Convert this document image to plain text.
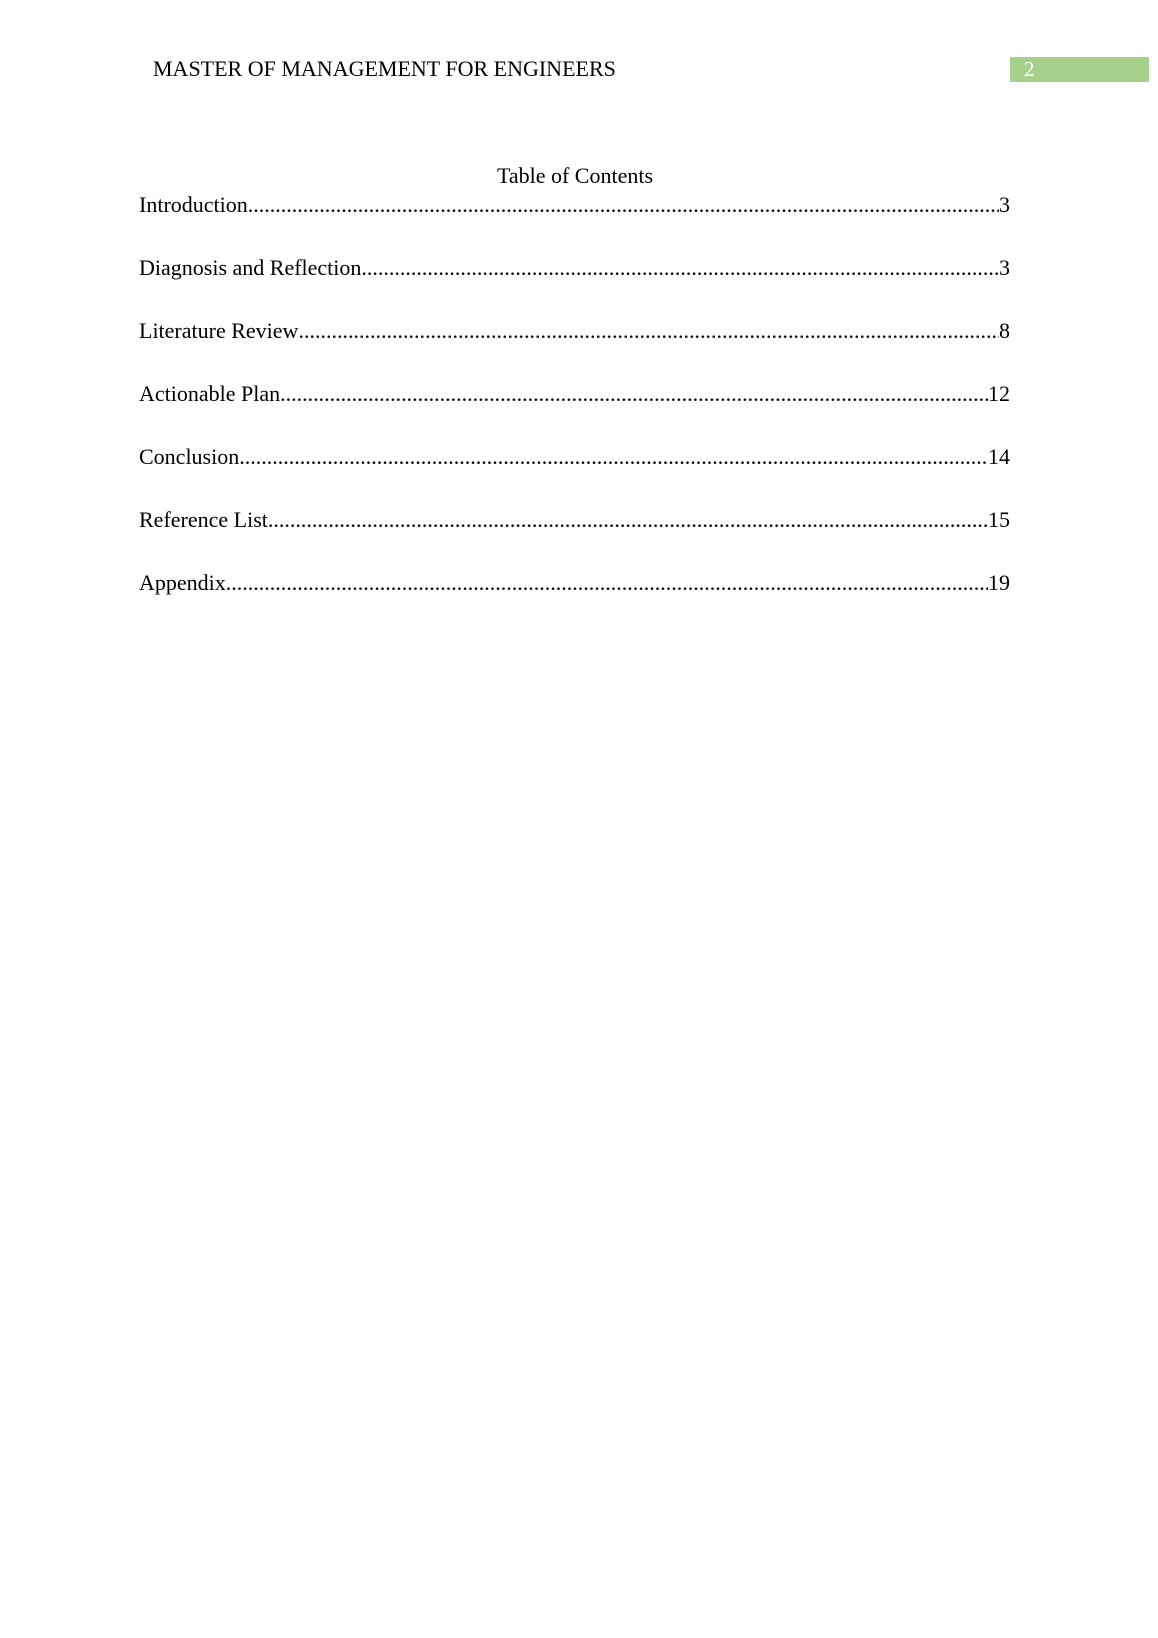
MASTER OF MANAGEMENT FOR ENGINEERS	2
Table of Contents
Introduction .....	3
Diagnosis and Reflection .....	3
Literature Review .....	8
Actionable Plan .....	12
Conclusion .....	14
Reference List .....	15
Appendix .....	19
